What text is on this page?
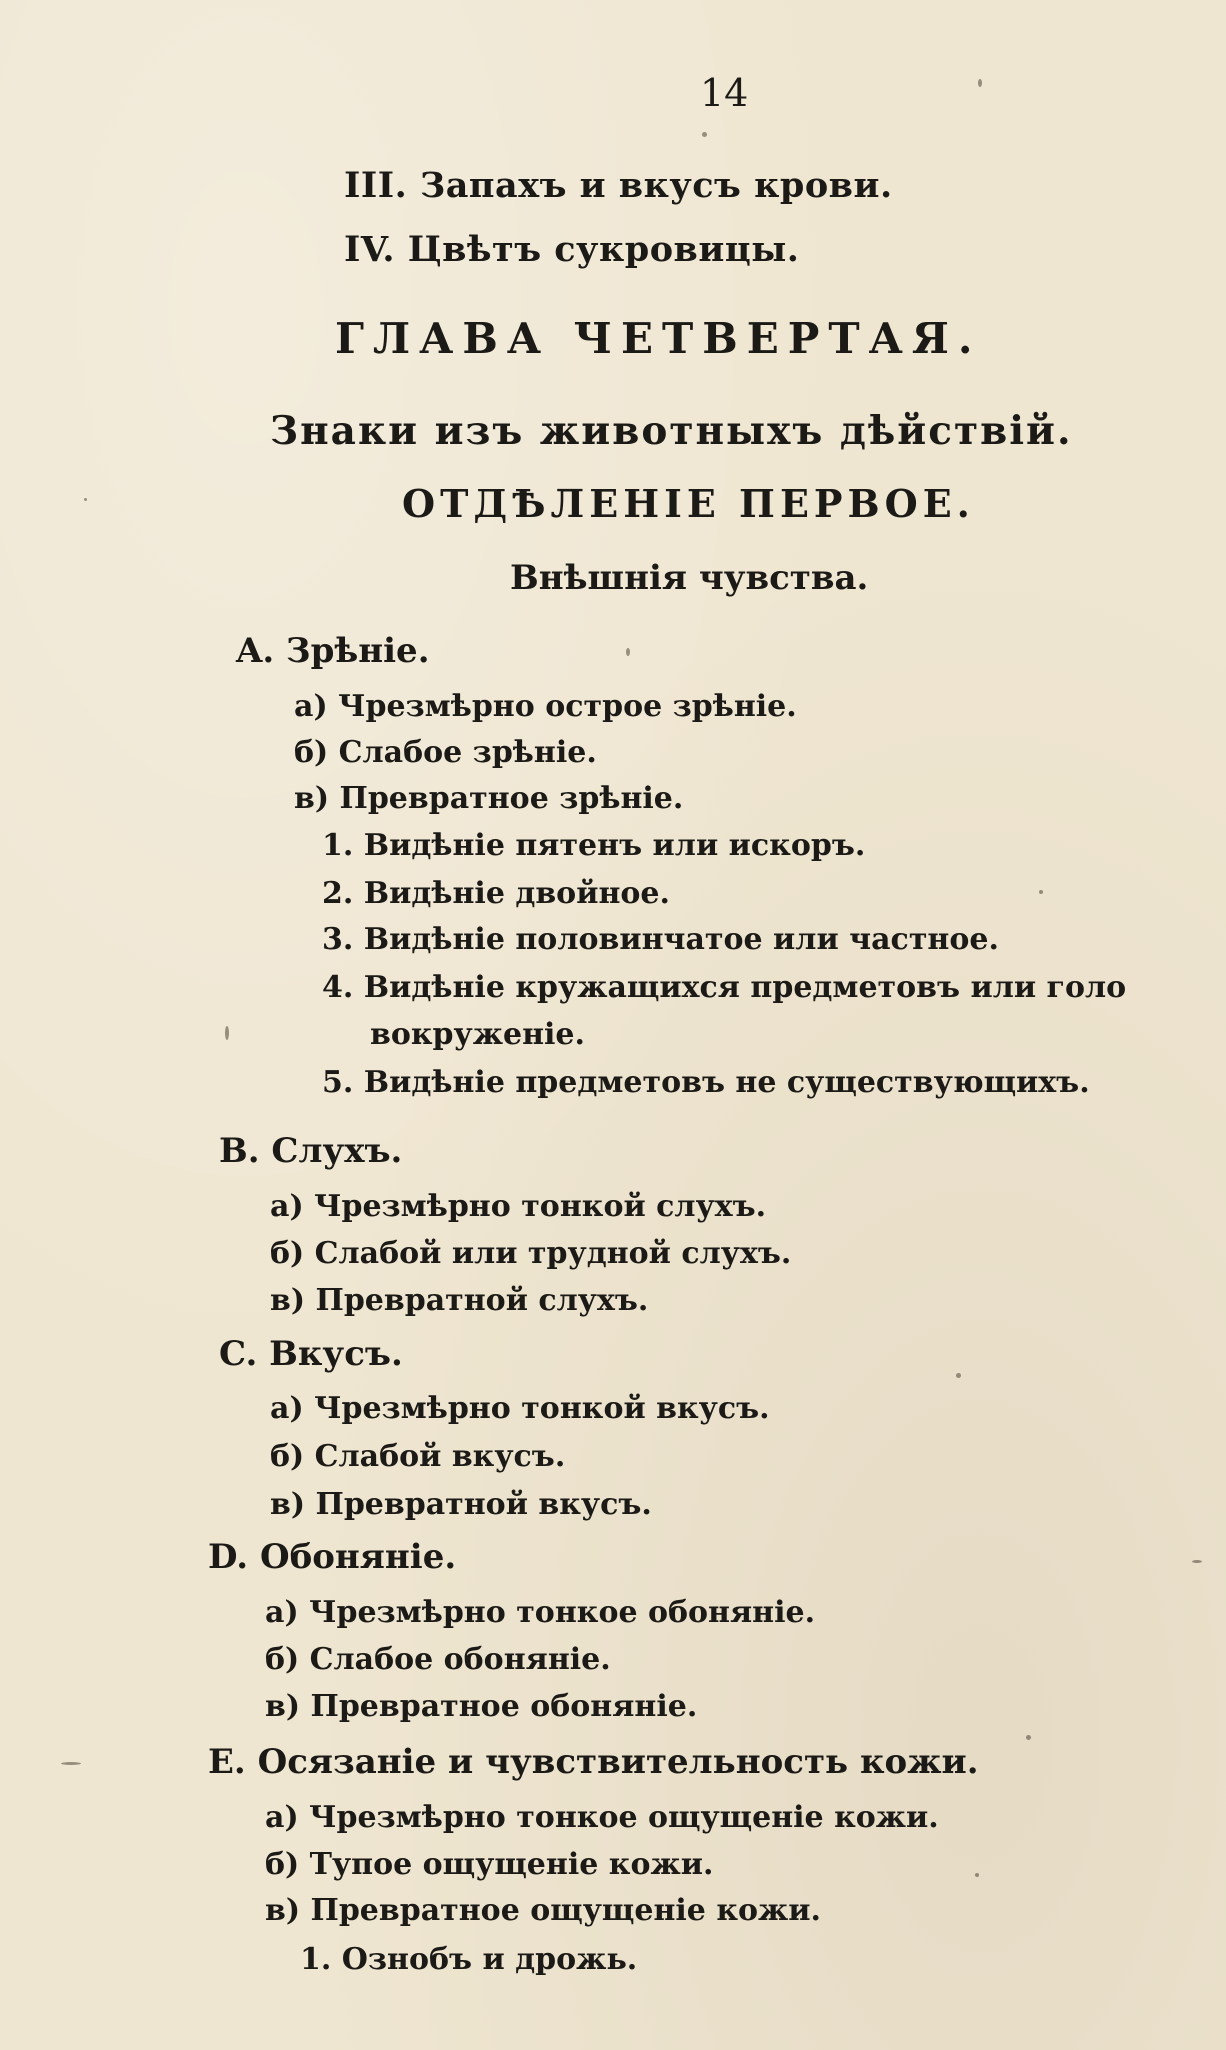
14
III. Запахъ и вкусъ крови.
IV. Цвѣтъ сукровицы.
ГЛАВА ЧЕТВЕРТАЯ.
Знаки изъ животныхъ дѣйствій.
ОТДѢЛЕНІЕ ПЕРВОЕ.
Внѣшнія чувства.
A. Зрѣніе.
а) Чрезмѣрно острое зрѣніе.
б) Слабое зрѣніе.
в) Превратное зрѣніе.
1. Видѣніе пятенъ или искоръ.
2. Видѣніе двойное.
3. Видѣніе половинчатое или частное.
4. Видѣніе кружащихся предметовъ или голо
вокруженіе.
5. Видѣніе предметовъ не существующихъ.
B. Слухъ.
а) Чрезмѣрно тонкой слухъ.
б) Слабой или трудной слухъ.
в) Превратной слухъ.
C. Вкусъ.
а) Чрезмѣрно тонкой вкусъ.
б) Слабой вкусъ.
в) Превратной вкусъ.
D. Обоняніе.
а) Чрезмѣрно тонкое обоняніе.
б) Слабое обоняніе.
в) Превратное обоняніе.
E. Осязаніе и чувствительность кожи.
а) Чрезмѣрно тонкое ощущеніе кожи.
б) Тупое ощущеніе кожи.
в) Превратное ощущеніе кожи.
1. Ознобъ и дрожь.
